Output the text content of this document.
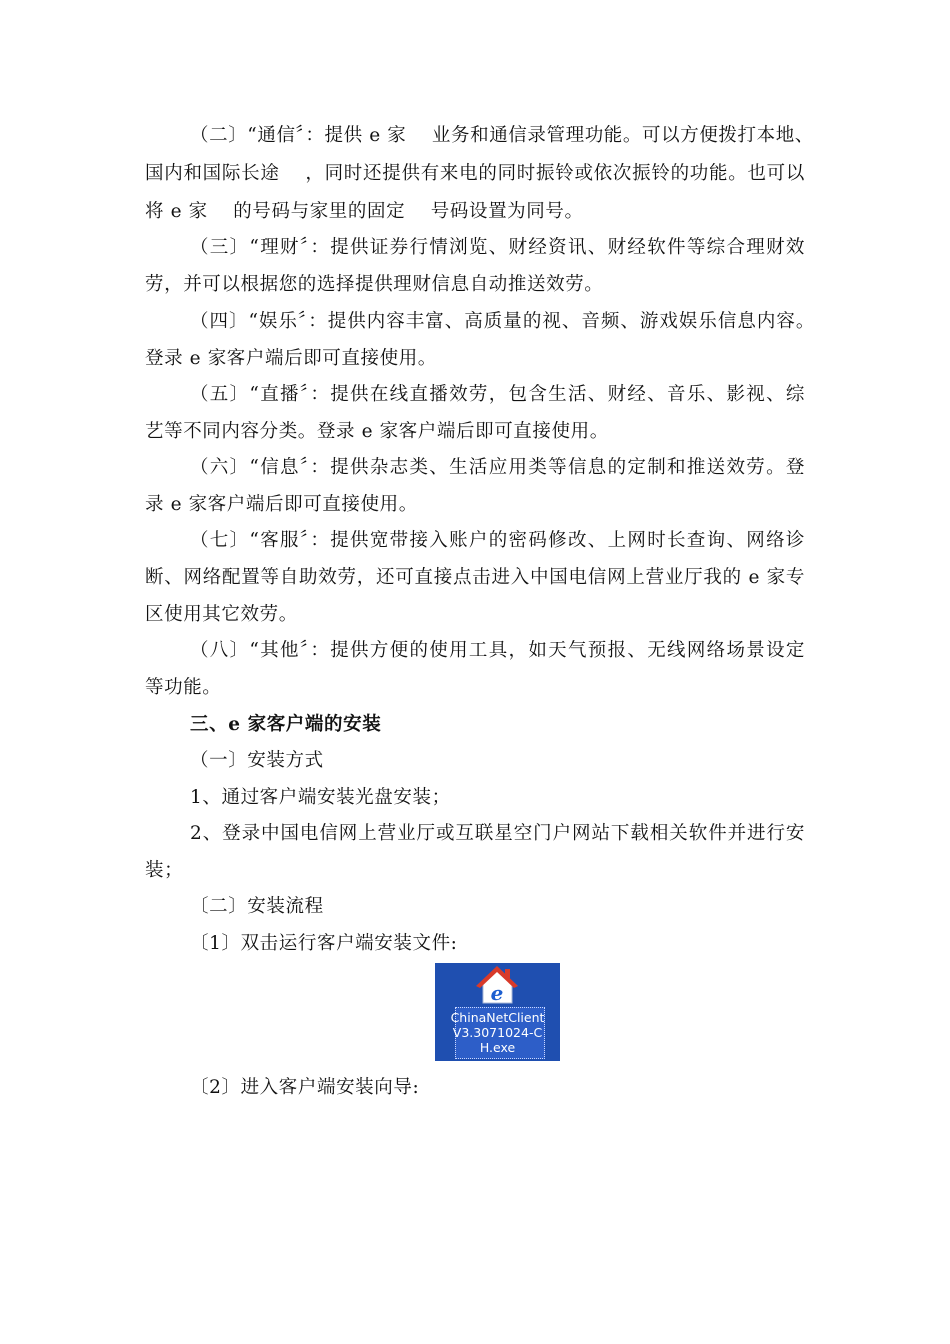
（二〕“通信〞：提供 e 家　 业务和通信录管理功能。可以方便拨打本地、
国内和国际长途　 ，同时还提供有来电的同时振铃或依次振铃的功能。也可以
将 e 家　 的号码与家里的固定　 号码设置为同号。
（三〕“理财〞：提供证券行情浏览、财经资讯、财经软件等综合理财效
劳，并可以根据您的选择提供理财信息自动推送效劳。
（四〕“娱乐〞：提供内容丰富、高质量的视、音频、游戏娱乐信息内容。
登录 e 家客户端后即可直接使用。
（五〕“直播〞：提供在线直播效劳，包含生活、财经、音乐、影视、综
艺等不同内容分类。登录 e 家客户端后即可直接使用。
（六〕“信息〞：提供杂志类、生活应用类等信息的定制和推送效劳。登
录 e 家客户端后即可直接使用。
（七〕“客服〞：提供宽带接入账户的密码修改、上网时长查询、网络诊
断、网络配置等自助效劳，还可直接点击进入中国电信网上营业厅我的 e 家专
区使用其它效劳。
（八〕“其他〞：提供方便的使用工具，如天气预报、无线网络场景设定
等功能。
三、e 家客户端的安装
（一〕安装方式
1、通过客户端安装光盘安装；
2、登录中国电信网上营业厅或互联星空门户网站下载相关软件并进行安
装；
〔二〕安装流程
〔1〕双击运行客户端安装文件:
e
ChinaNetClient
V3.3071024-C
H.exe
〔2〕进入客户端安装向导:
